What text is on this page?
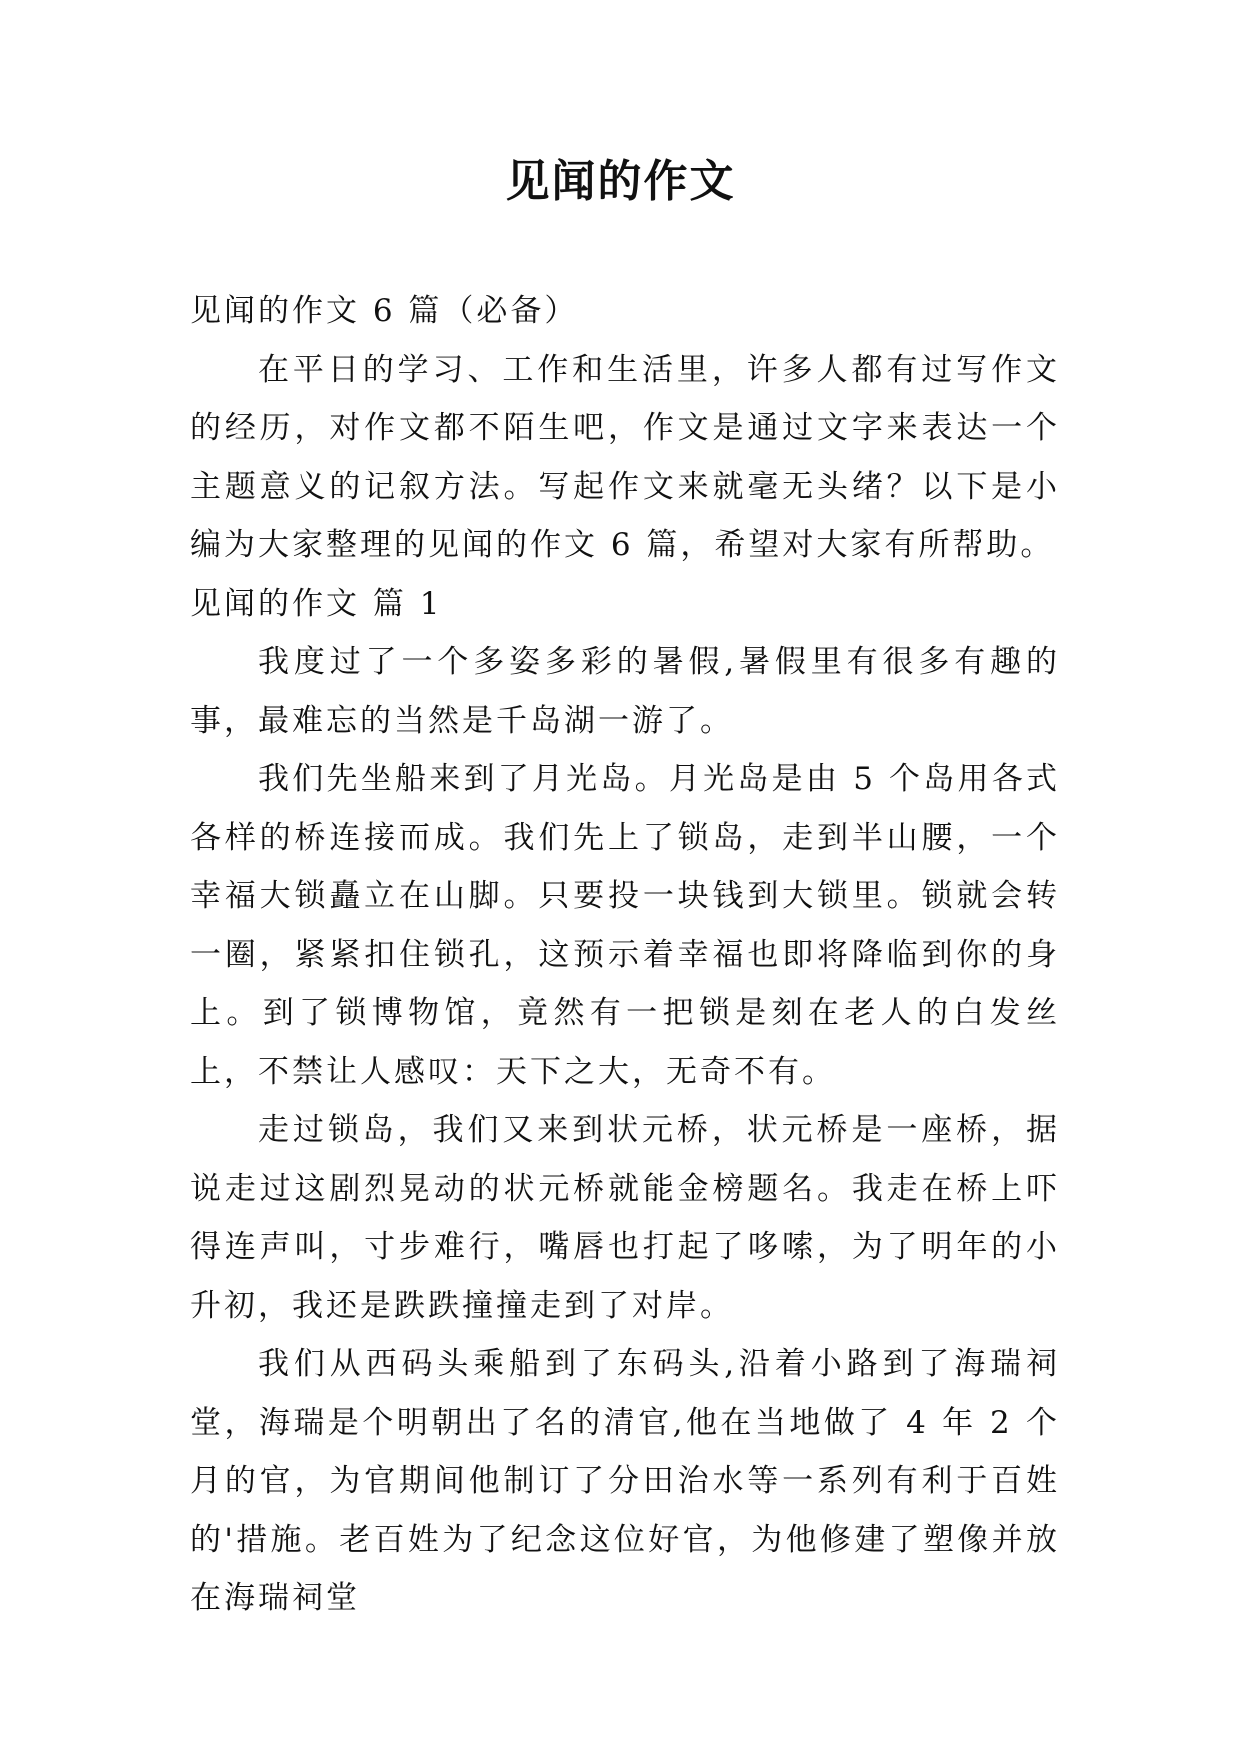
见闻的作文

见闻的作文 6 篇（必备）

在平日的学习、工作和生活里，许多人都有过写作文的经历，对作文都不陌生吧，作文是通过文字来表达一个主题意义的记叙方法。写起作文来就毫无头绪？以下是小编为大家整理的见闻的作文 6 篇，希望对大家有所帮助。

见闻的作文 篇 1

我度过了一个多姿多彩的暑假,暑假里有很多有趣的事，最难忘的当然是千岛湖一游了。

我们先坐船来到了月光岛。月光岛是由 5 个岛用各式各样的桥连接而成。我们先上了锁岛，走到半山腰，一个幸福大锁矗立在山脚。只要投一块钱到大锁里。锁就会转一圈，紧紧扣住锁孔，这预示着幸福也即将降临到你的身上。到了锁博物馆，竟然有一把锁是刻在老人的白发丝上，不禁让人感叹：天下之大，无奇不有。

走过锁岛，我们又来到状元桥，状元桥是一座桥，据说走过这剧烈晃动的状元桥就能金榜题名。我走在桥上吓得连声叫，寸步难行，嘴唇也打起了哆嗦，为了明年的小升初，我还是跌跌撞撞走到了对岸。

我们从西码头乘船到了东码头,沿着小路到了海瑞祠堂，海瑞是个明朝出了名的清官,他在当地做了 4 年 2 个月的官，为官期间他制订了分田治水等一系列有利于百姓的'措施。老百姓为了纪念这位好官，为他修建了塑像并放在海瑞祠堂
